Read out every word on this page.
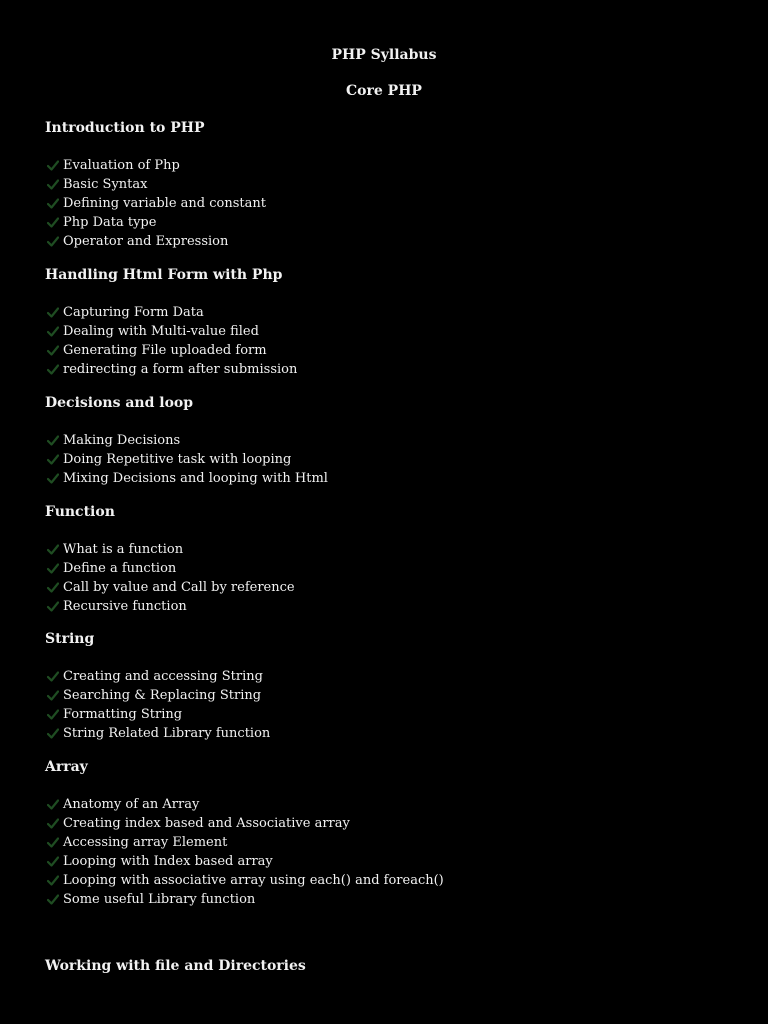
PHP Syllabus
Core PHP
Introduction to PHP
Evaluation of Php
Basic Syntax
Defining variable and constant
Php Data type
Operator and Expression
Handling Html Form with Php
Capturing Form Data
Dealing with Multi-value filed
Generating File uploaded form
redirecting a form after submission
Decisions and loop
Making Decisions
Doing Repetitive task with looping
Mixing Decisions and looping with Html
Function
What is a function
Define a function
Call by value and Call by reference
Recursive function
String
Creating and accessing String
Searching & Replacing String
Formatting String
String Related Library function
Array
Anatomy of an Array
Creating index based and Associative array
Accessing array Element
Looping with Index based array
Looping with associative array using each() and foreach()
Some useful Library function
Working with file and Directories
